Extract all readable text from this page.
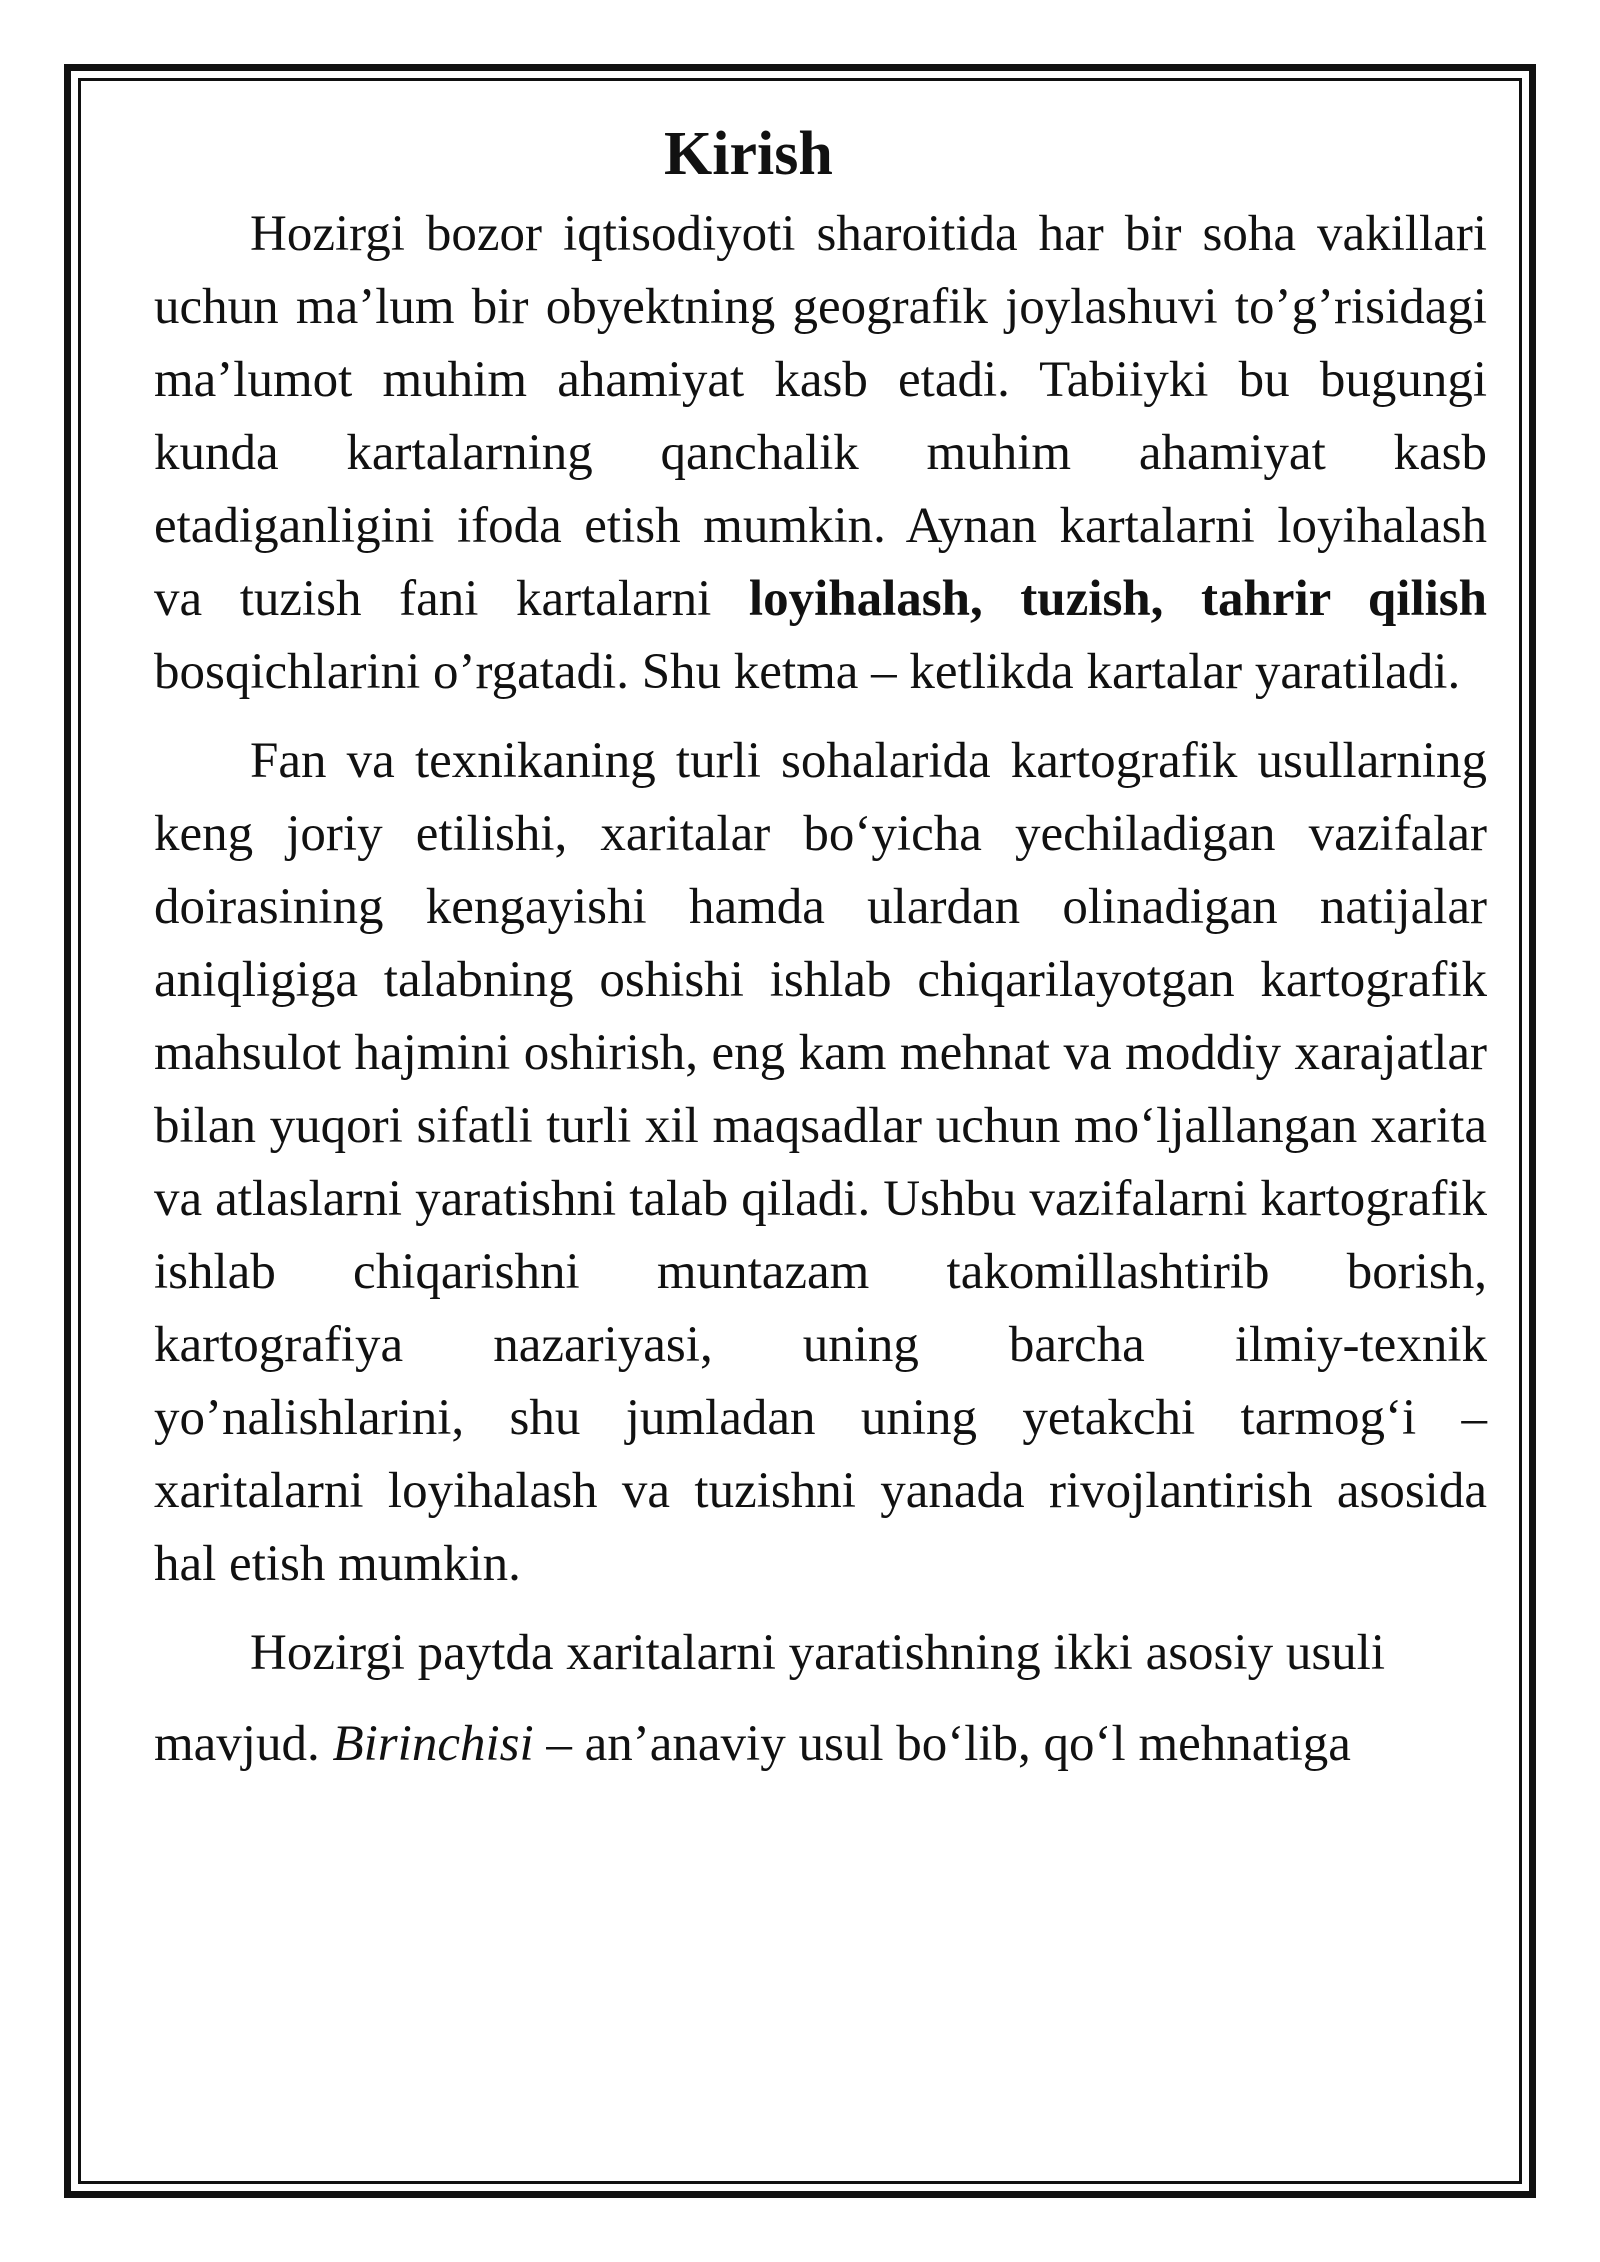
Kirish

Hozirgi bozor iqtisodiyoti sharoitida har bir soha vakillari uchun ma’lum bir obyektning geografik joylashuvi to’g’risidagi ma’lumot muhim ahamiyat kasb etadi. Tabiiyki bu bugungi kunda kartalarning qanchalik muhim ahamiyat kasb etadiganligini ifoda etish mumkin. Aynan kartalarni loyihalash va tuzish fani kartalarni loyihalash, tuzish, tahrir qilish bosqichlarini o’rgatadi. Shu ketma – ketlikda kartalar yaratiladi.

Fan va texnikaning turli sohalarida kartografik usullarning keng joriy etilishi, xaritalar bo‘yicha yechiladigan vazifalar doirasining kengayishi hamda ulardan olinadigan natijalar aniqligiga talabning oshishi ishlab chiqarilayotgan kartografik mahsulot hajmini oshirish, eng kam mehnat va moddiy xarajatlar bilan yuqori sifatli turli xil maqsadlar uchun mo‘ljallangan xarita va atlaslarni yaratishni talab qiladi. Ushbu vazifalarni kartografik ishlab chiqarishni muntazam takomillashtirib borish, kartografiya nazariyasi, uning barcha ilmiy-texnik yo’nalishlarini, shu jumladan uning yetakchi tarmog‘i – xaritalarni loyihalash va tuzishni yanada rivojlantirish asosida hal etish mumkin.

Hozirgi paytda xaritalarni yaratishning ikki asosiy usuli

mavjud. Birinchisi – an’anaviy usul bo‘lib, qo‘l mehnatiga
